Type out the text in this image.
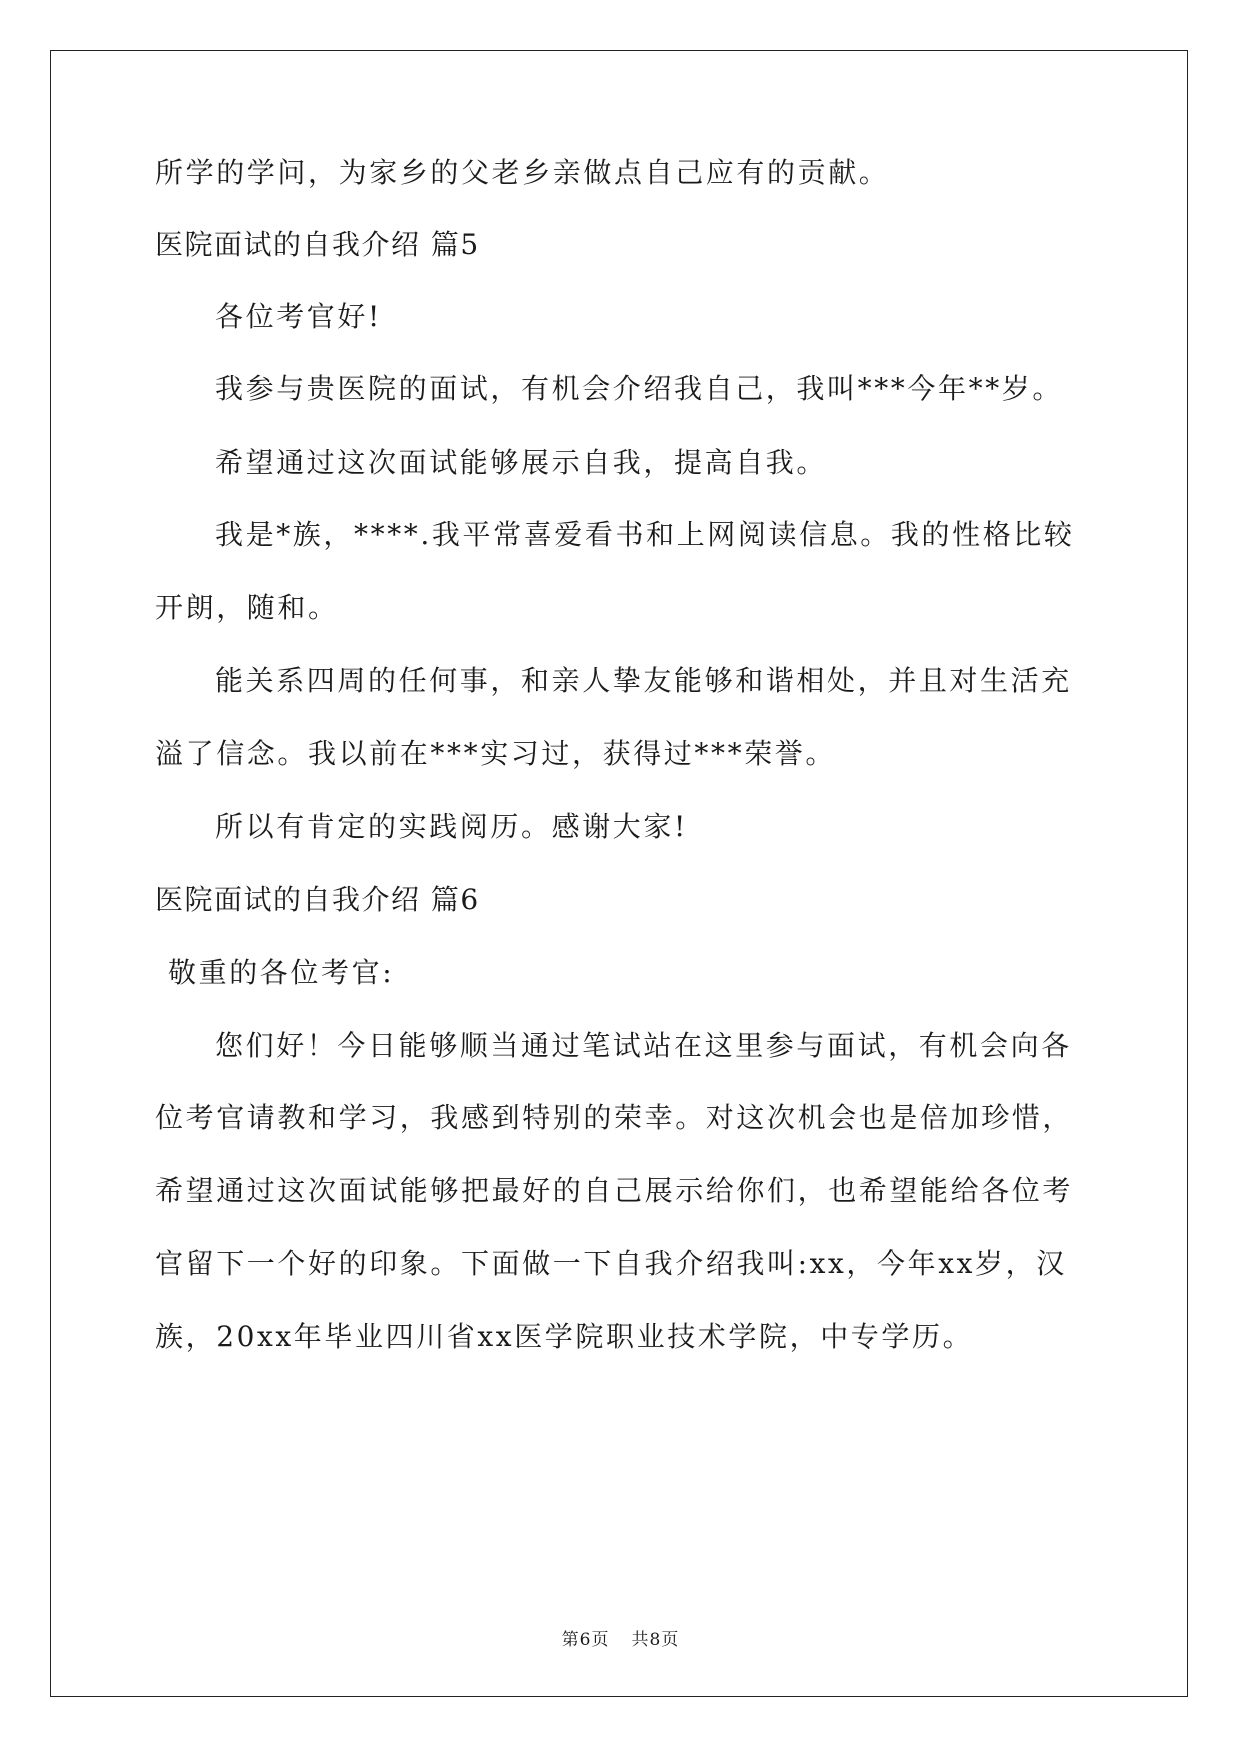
所学的学问，为家乡的父老乡亲做点自己应有的贡献。
医院面试的自我介绍 篇5
各位考官好!
我参与贵医院的面试，有机会介绍我自己，我叫***今年**岁。
希望通过这次面试能够展示自我，提高自我。
我是*族，****.我平常喜爱看书和上网阅读信息。我的性格比较
开朗，随和。
能关系四周的任何事，和亲人挚友能够和谐相处，并且对生活充
溢了信念。我以前在***实习过，获得过***荣誉。
所以有肯定的实践阅历。感谢大家!
医院面试的自我介绍 篇6
敬重的各位考官:
您们好！今日能够顺当通过笔试站在这里参与面试，有机会向各
位考官请教和学习，我感到特别的荣幸。对这次机会也是倍加珍惜，
希望通过这次面试能够把最好的自己展示给你们，也希望能给各位考
官留下一个好的印象。下面做一下自我介绍我叫:xx，今年xx岁，汉
族，20xx年毕业四川省xx医学院职业技术学院，中专学历。
第6页 共8页
